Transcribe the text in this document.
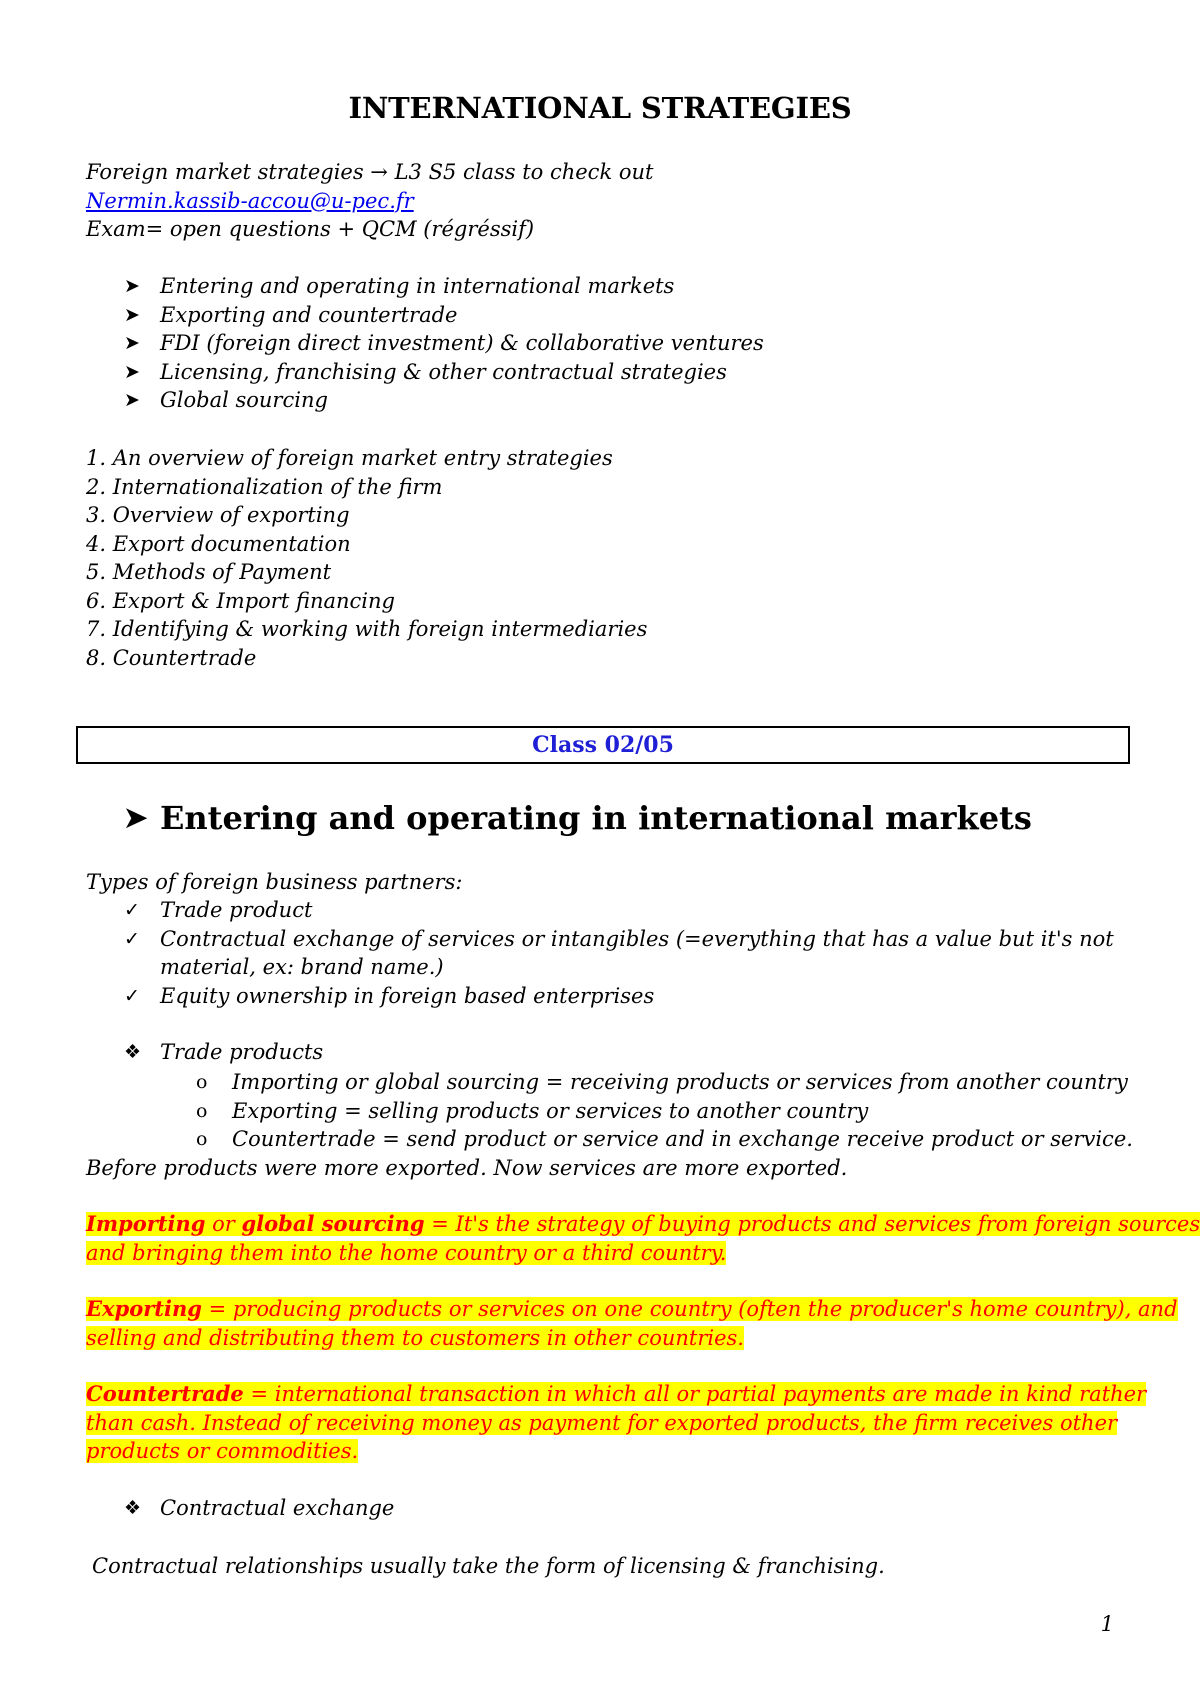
INTERNATIONAL STRATEGIES
Foreign market strategies → L3 S5 class to check out
Nermin.kassib-accou@u-pec.fr
Exam= open questions + QCM (régréssif)
➤ Entering and operating in international markets
➤ Exporting and countertrade
➤ FDI (foreign direct investment) & collaborative ventures
➤ Licensing, franchising & other contractual strategies
➤ Global sourcing
1. An overview of foreign market entry strategies
2. Internationalization of the firm
3. Overview of exporting
4. Export documentation
5. Methods of Payment
6. Export & Import financing
7. Identifying & working with foreign intermediaries
8. Countertrade
Class 02/05
➤ Entering and operating in international markets
Types of foreign business partners:
✓ Trade product
✓ Contractual exchange of services or intangibles (=everything that has a value but it's not
material, ex: brand name.)
✓ Equity ownership in foreign based enterprises
❖ Trade products
o	Importing or global sourcing = receiving products or services from another country
o	Exporting = selling products or services to another country
o	Countertrade = send product or service and in exchange receive product or service.
Before products were more exported. Now services are more exported.
Importing or global sourcing = It's the strategy of buying products and services from foreign sources
and bringing them into the home country or a third country.
Exporting = producing products or services on one country (often the producer's home country), and
selling and distributing them to customers in other countries.
Countertrade = international transaction in which all or partial payments are made in kind rather
than cash. Instead of receiving money as payment for exported products, the firm receives other
products or commodities.
❖ Contractual exchange
Contractual relationships usually take the form of licensing & franchising.
1
